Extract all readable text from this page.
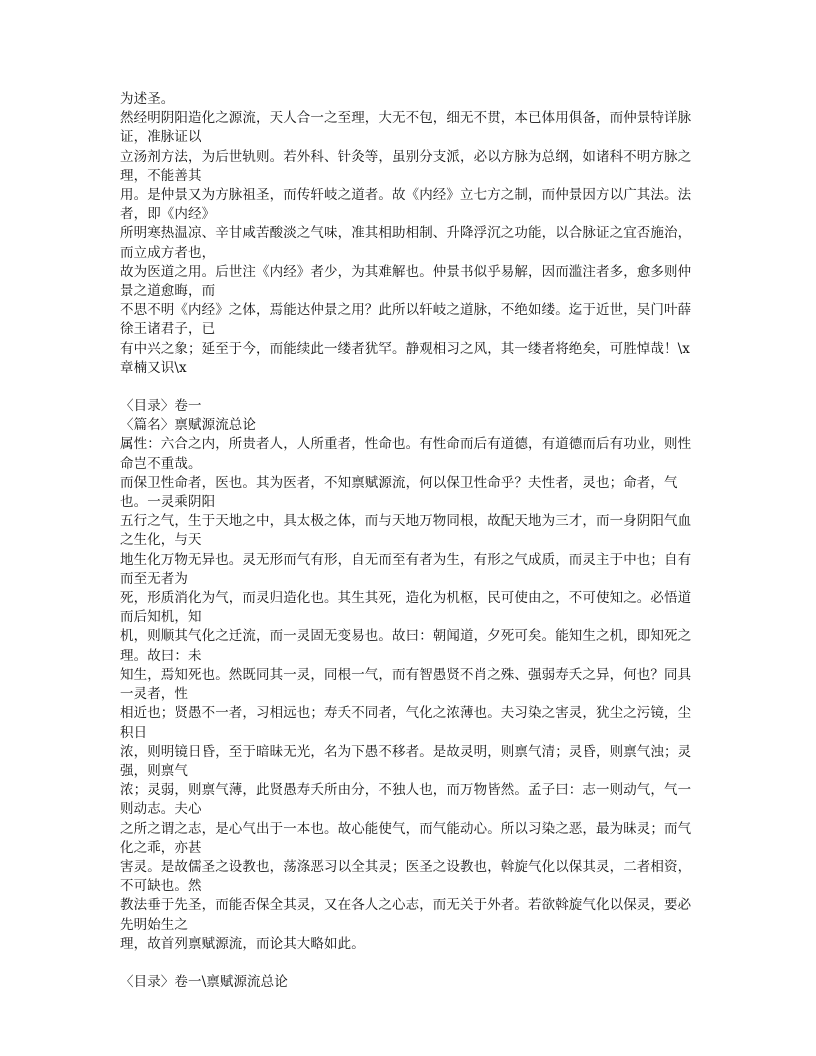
为述圣。
然经明阴阳造化之源流，天人合一之至理，大无不包，细无不贯，本已体用俱备，而仲景特详脉证，准脉证以
立汤剂方法，为后世轨则。若外科、针灸等，虽别分支派，必以方脉为总纲，如诸科不明方脉之理，不能善其
用。是仲景又为方脉祖圣，而传轩岐之道者。故《内经》立七方之制，而仲景因方以广其法。法者，即《内经》
所明寒热温凉、辛甘咸苦酸淡之气味，准其相助相制、升降浮沉之功能，以合脉证之宜否施治，而立成方者也，
故为医道之用。后世注《内经》者少，为其难解也。仲景书似乎易解，因而滥注者多，愈多则仲景之道愈晦，而
不思不明《内经》之体，焉能达仲景之用？此所以轩岐之道脉，不绝如缕。迄于近世，吴门叶薛徐王诸君子，已
有中兴之象；延至于今，而能续此一缕者犹罕。静观相习之风，其一缕者将绝矣，可胜悼哉！\x 章楠又识\x
〈目录〉卷一
〈篇名〉禀赋源流总论
属性：六合之内，所贵者人，人所重者，性命也。有性命而后有道德，有道德而后有功业，则性命岂不重哉。
而保卫性命者，医也。其为医者，不知禀赋源流，何以保卫性命乎？夫性者，灵也；命者，气也。一灵乘阴阳
五行之气，生于天地之中，具太极之体，而与天地万物同根，故配天地为三才，而一身阴阳气血之生化，与天
地生化万物无异也。灵无形而气有形，自无而至有者为生，有形之气成质，而灵主于中也；自有而至无者为
死，形质消化为气，而灵归造化也。其生其死，造化为机枢，民可使由之，不可使知之。必悟道而后知机，知
机，则顺其气化之迁流，而一灵固无变易也。故曰：朝闻道，夕死可矣。能知生之机，即知死之理。故曰：未
知生，焉知死也。然既同其一灵，同根一气，而有智愚贤不肖之殊、强弱寿夭之异，何也？同具一灵者，性
相近也；贤愚不一者，习相远也；寿夭不同者，气化之浓薄也。夫习染之害灵，犹尘之污镜，尘积日
浓，则明镜日昏，至于暗昧无光，名为下愚不移者。是故灵明，则禀气清；灵昏，则禀气浊；灵强，则禀气
浓；灵弱，则禀气薄，此贤愚寿夭所由分，不独人也，而万物皆然。孟子曰：志一则动气，气一则动志。夫心
之所之谓之志，是心气出于一本也。故心能使气，而气能动心。所以习染之恶，最为昧灵；而气化之乖，亦甚
害灵。是故儒圣之设教也，荡涤恶习以全其灵；医圣之设教也，斡旋气化以保其灵，二者相资，不可缺也。然
教法垂于先圣，而能否保全其灵，又在各人之心志，而无关于外者。若欲斡旋气化以保灵，要必先明始生之
理，故首列禀赋源流，而论其大略如此。
〈目录〉卷一\禀赋源流总论
